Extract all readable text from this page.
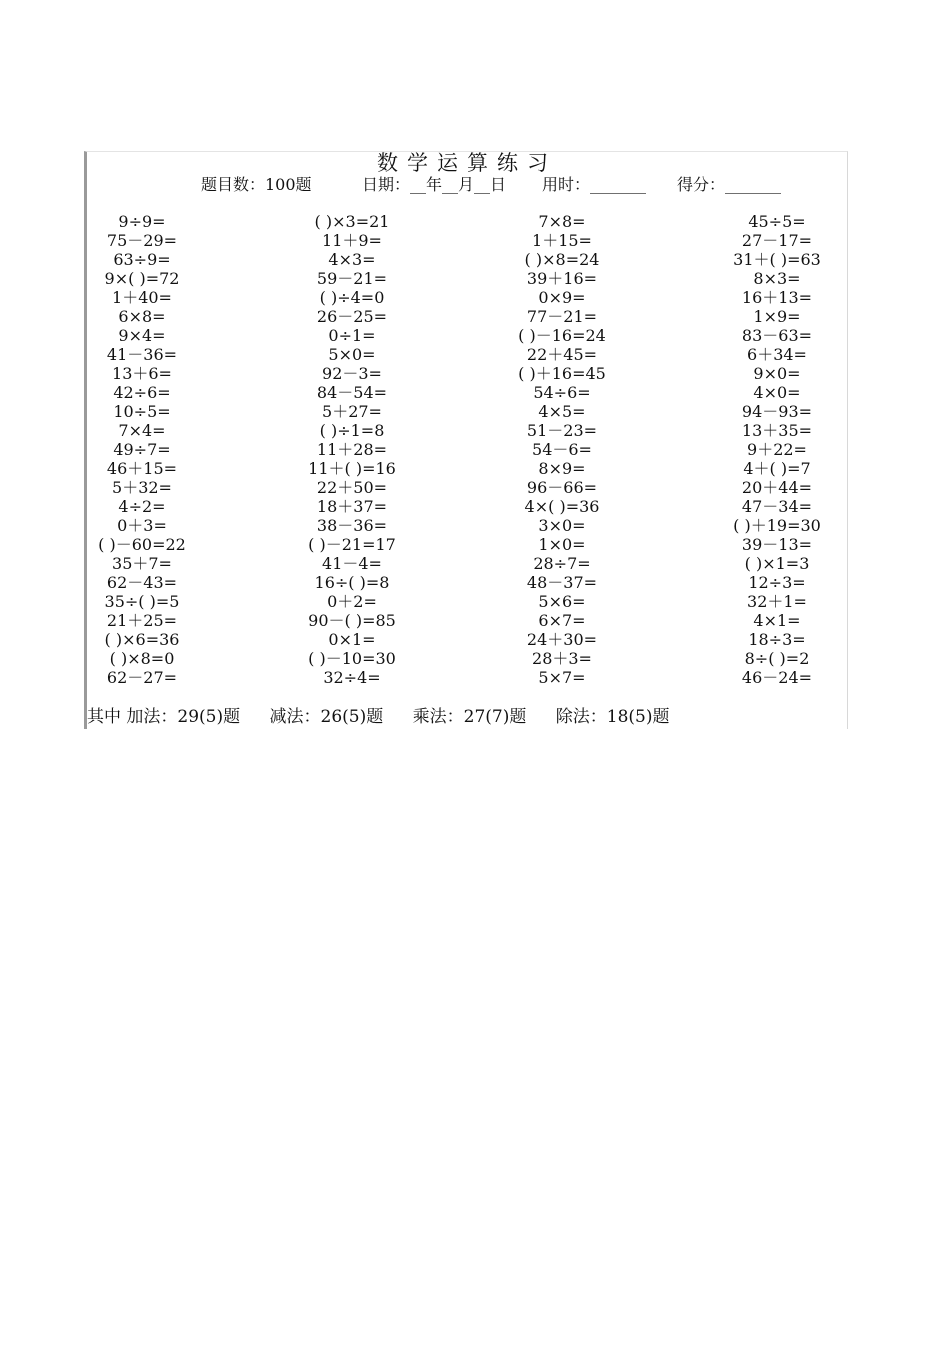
数学运算练习
题目数：100题	日期：__年__月__日 用时：_______ 得分：_______
9÷9=
75－29=
63÷9=
9×( )=72
1＋40=
6×8=
9×4=
41－36=
13＋6=
42÷6=
10÷5=
7×4=
49÷7=
46＋15=
5＋32=
4÷2=
0＋3=
( )－60=22
35＋7=
62－43=
35÷( )=5
21＋25=
( )×6=36
( )×8=0
62－27=
( )×3=21
11＋9=
4×3=
59－21=
( )÷4=0
26－25=
0÷1=
5×0=
92－3=
84－54=
5＋27=
( )÷1=8
11＋28=
11＋( )=16
22＋50=
18＋37=
38－36=
( )－21=17
41－4=
16÷( )=8
0＋2=
90－( )=85
0×1=
( )－10=30
32÷4=
7×8=
1＋15=
( )×8=24
39＋16=
0×9=
77－21=
( )－16=24
22＋45=
( )＋16=45
54÷6=
4×5=
51－23=
54－6=
8×9=
96－66=
4×( )=36
3×0=
1×0=
28÷7=
48－37=
5×6=
6×7=
24＋30=
28＋3=
5×7=
45÷5=
27－17=
31＋( )=63
8×3=
16＋13=
1×9=
83－63=
6＋34=
9×0=
4×0=
94－93=
13＋35=
9＋22=
4＋( )=7
20＋44=
47－34=
( )＋19=30
39－13=
( )×1=3
12÷3=
32＋1=
4×1=
18÷3=
8÷( )=2
46－24=
其中 加法：29(5)题 减法：26(5)题 乘法：27(7)题 除法：18(5)题
